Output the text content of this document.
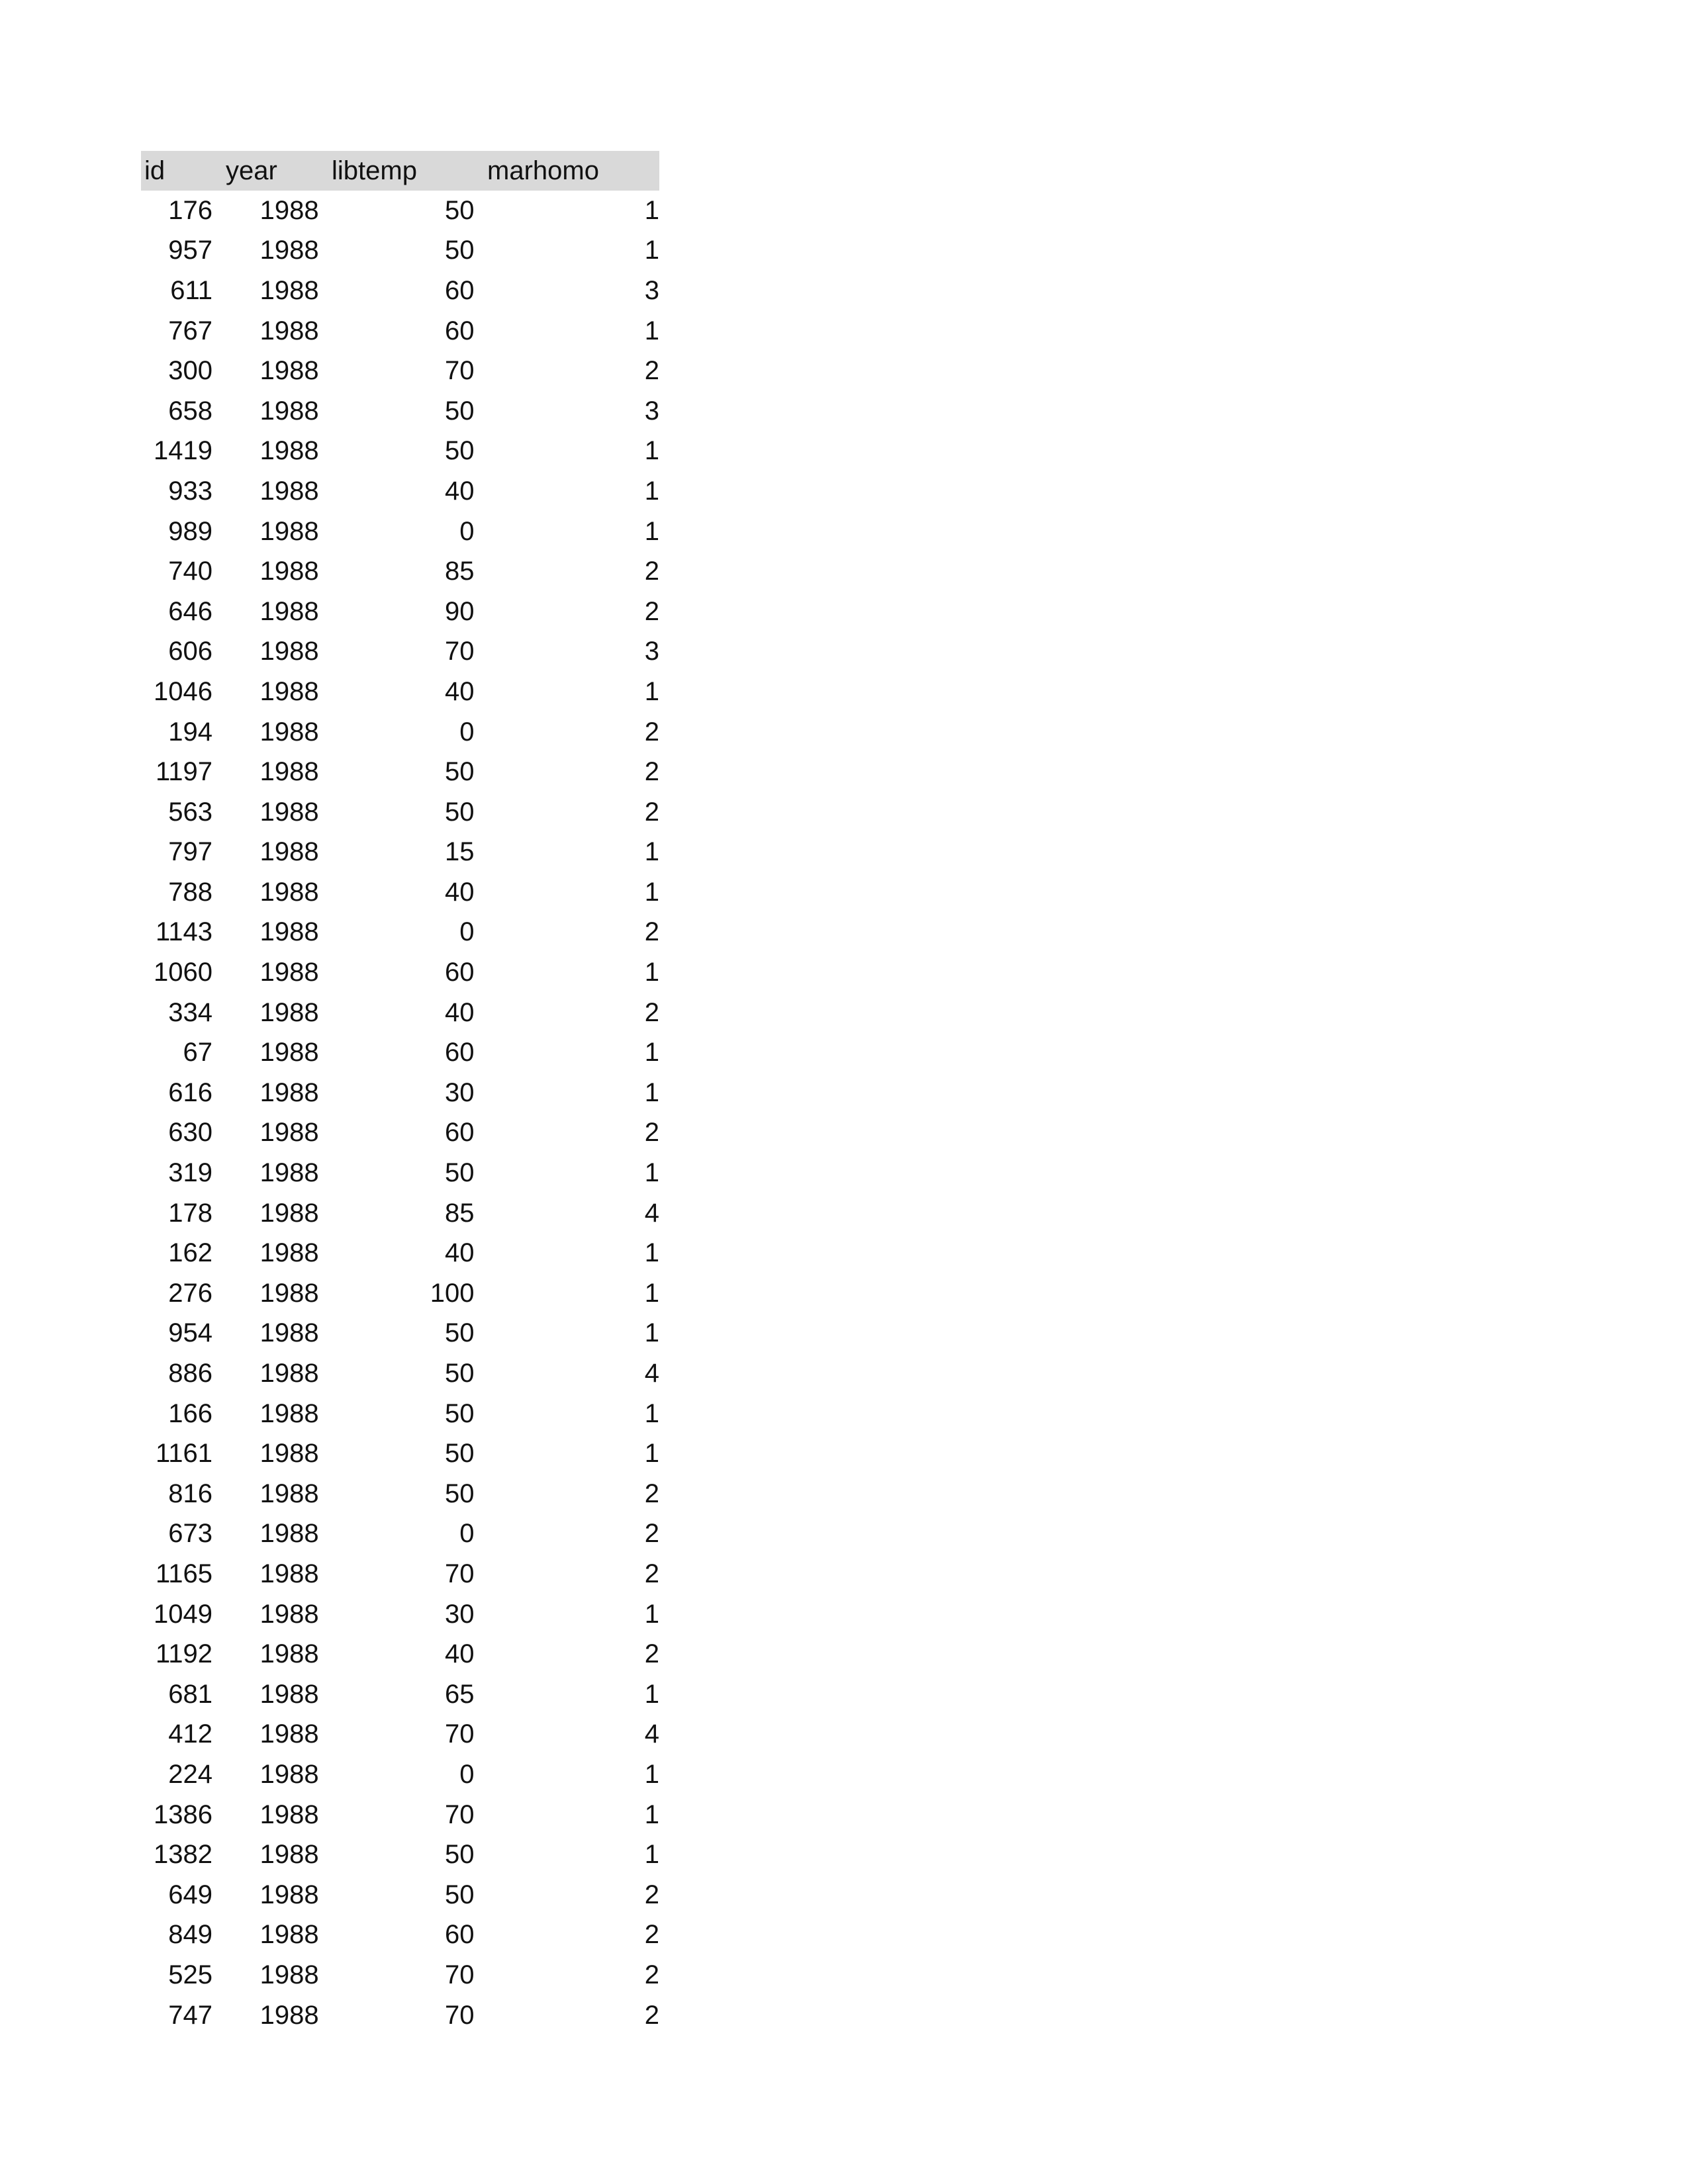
id	year	libtemp	marhomo
176	1988	50	1
957	1988	50	1
611	1988	60	3
767	1988	60	1
300	1988	70	2
658	1988	50	3
1419	1988	50	1
933	1988	40	1
989	1988	0	1
740	1988	85	2
646	1988	90	2
606	1988	70	3
1046	1988	40	1
194	1988	0	2
1197	1988	50	2
563	1988	50	2
797	1988	15	1
788	1988	40	1
1143	1988	0	2
1060	1988	60	1
334	1988	40	2
67	1988	60	1
616	1988	30	1
630	1988	60	2
319	1988	50	1
178	1988	85	4
162	1988	40	1
276	1988	100	1
954	1988	50	1
886	1988	50	4
166	1988	50	1
1161	1988	50	1
816	1988	50	2
673	1988	0	2
1165	1988	70	2
1049	1988	30	1
1192	1988	40	2
681	1988	65	1
412	1988	70	4
224	1988	0	1
1386	1988	70	1
1382	1988	50	1
649	1988	50	2
849	1988	60	2
525	1988	70	2
747	1988	70	2
